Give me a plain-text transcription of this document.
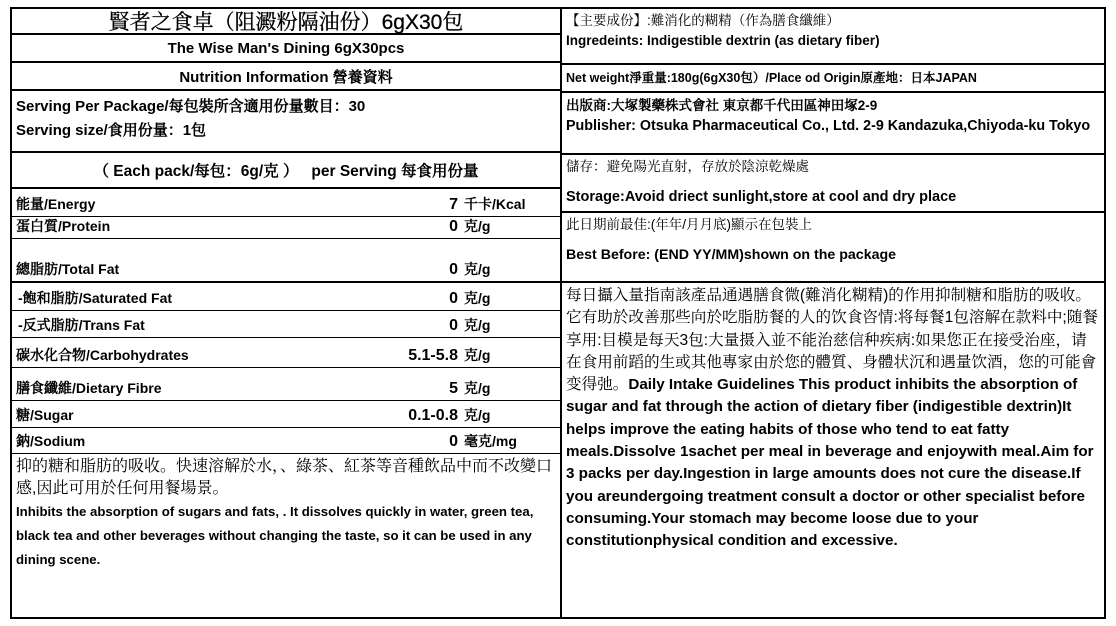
賢者之食卓（阻澱粉隔油份）6gX30包
The Wise Man's Dining 6gX30pcs
Nutrition Information 營養資料
Serving Per Package/每包裝所含適用份量數目：30
Serving size/食用份量：1包
（ Each pack/每包：6g/克 ）   per Serving 每食用份量
能量/Energy	7 千卡/Kcal
蛋白質/Protein	0 克/g
總脂肪/Total Fat	0 克/g
-飽和脂肪/Saturated Fat	0 克/g
-反式脂肪/Trans Fat	0 克/g
碳水化合物/Carbohydrates	5.1-5.8 克/g
膳食纖維/Dietary Fibre	5 克/g
糖/Sugar	0.1-0.8 克/g
鈉/Sodium	0 毫克/mg
抑的糖和脂肪的吸收。快速溶解於水，、綠茶、紅茶等音種飲品中而不改變口感,因此可用於任何用餐場景。
Inhibits the absorption of sugars and fats, . It dissolves quickly in water, green tea, black tea and other beverages without changing the taste, so it can be used in any dining scene.
【主要成份】:難消化的糊精（作為膳食纖維）
Ingredeints: Indigestible dextrin (as dietary fiber)
Net weight淨重量:180g(6gX30包）/Place od Origin原產地：日本JAPAN
出版商:大塚製藥株式會社 東京都千代田區神田塚2-9
Publisher: Otsuka Pharmaceutical Co., Ltd. 2-9 Kandazuka,Chiyoda-ku Tokyo
儲存：避免陽光直射，存放於陰涼乾燥處
Storage:Avoid driect sunlight,store at cool and dry place
此日期前最佳:(年年/月月底)顯示在包裝上
Best Before: (END YY/MM)shown on the package
每日攝入量指南該產品通遇膳食微(難消化糊精)的作用抑制糖和脂肪的吸收。它有助於改善那些向於吃脂肪餐的人的饮食咨情:将每餐1包溶解在款料中;随餐享用:目模是每天3包:大量摄入並不能治慈信种疾病:如果您正在接受治座，请在食用前蹈的生或其他專家由於您的體質、身體状沉和遇量饮酒，您的可能會变得弛。Daily Intake Guidelines This product inhibits the absorption of sugar and fat through the action of dietary fiber (indigestible dextrin)It helps improve the eating habits of those who tend to eat fatty meals.Dissolve 1sachet per meal in beverage and enjoywith meal.Aim for 3 packs per day.Ingestion in large amounts does not cure the disease.If you areundergoing treatment consult a doctor or other specialist before consuming.Your stomach may become loose due to your constitutionphysical condition and excessive.
